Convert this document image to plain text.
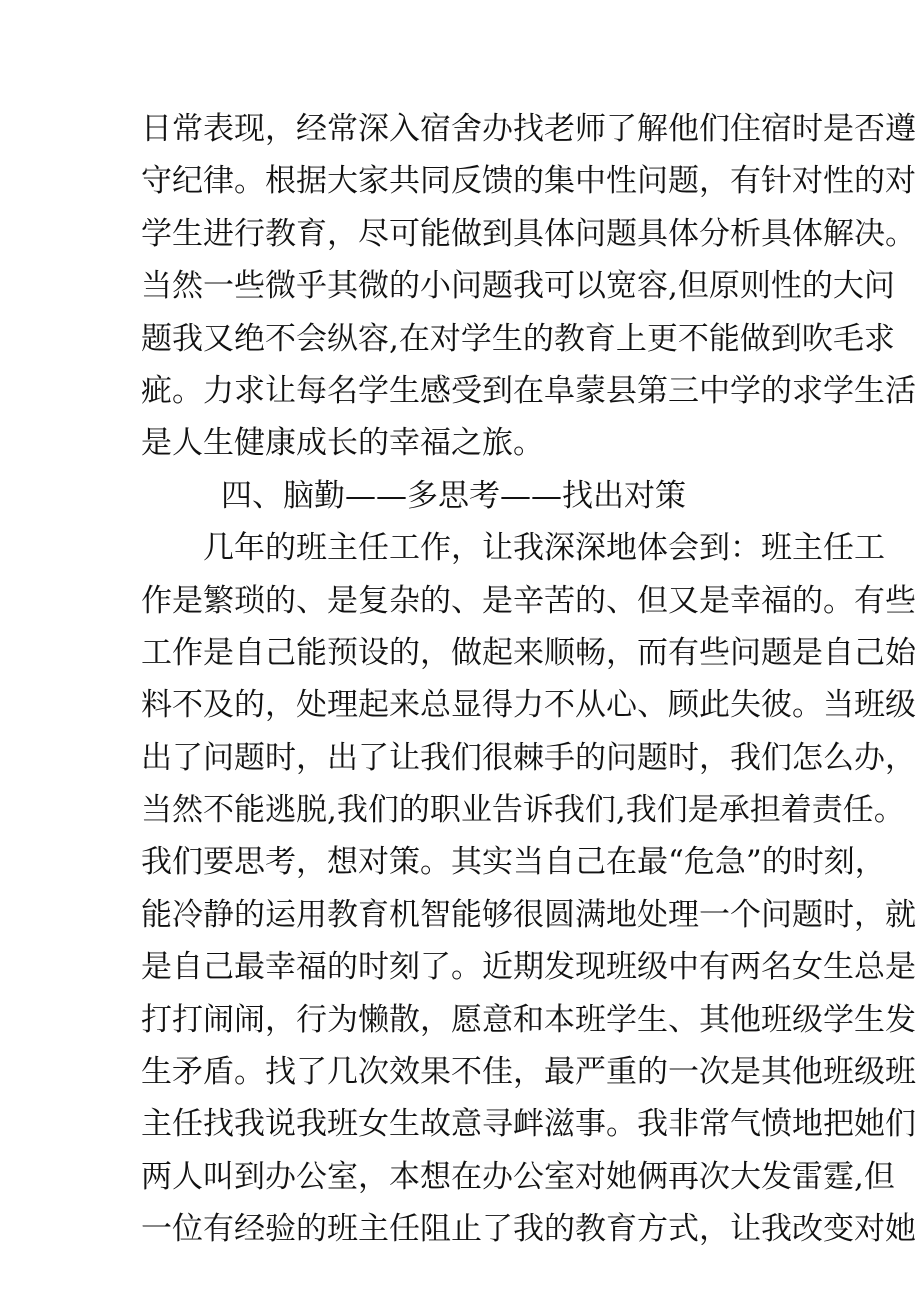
日常表现，经常深入宿舍办找老师了解他们住宿时是否遵
守纪律。根据大家共同反馈的集中性问题，有针对性的对
学生进行教育，尽可能做到具体问题具体分析具体解决。
当然一些微乎其微的小问题我可以宽容,但原则性的大问
题我又绝不会纵容,在对学生的教育上更不能做到吹毛求
疵。力求让每名学生感受到在阜蒙县第三中学的求学生活
是人生健康成长的幸福之旅。
四、脑勤——多思考——找出对策
几年的班主任工作，让我深深地体会到：班主任工
作是繁琐的、是复杂的、是辛苦的、但又是幸福的。有些
工作是自己能预设的，做起来顺畅，而有些问题是自己始
料不及的，处理起来总显得力不从心、顾此失彼。当班级
出了问题时，出了让我们很棘手的问题时，我们怎么办，
当然不能逃脱,我们的职业告诉我们,我们是承担着责任。
我们要思考，想对策。其实当自己在最“危急”的时刻，
能冷静的运用教育机智能够很圆满地处理一个问题时，就
是自己最幸福的时刻了。近期发现班级中有两名女生总是
打打闹闹，行为懒散，愿意和本班学生、其他班级学生发
生矛盾。找了几次效果不佳，最严重的一次是其他班级班
主任找我说我班女生故意寻衅滋事。我非常气愤地把她们
两人叫到办公室，本想在办公室对她俩再次大发雷霆,但
一位有经验的班主任阻止了我的教育方式，让我改变对她
